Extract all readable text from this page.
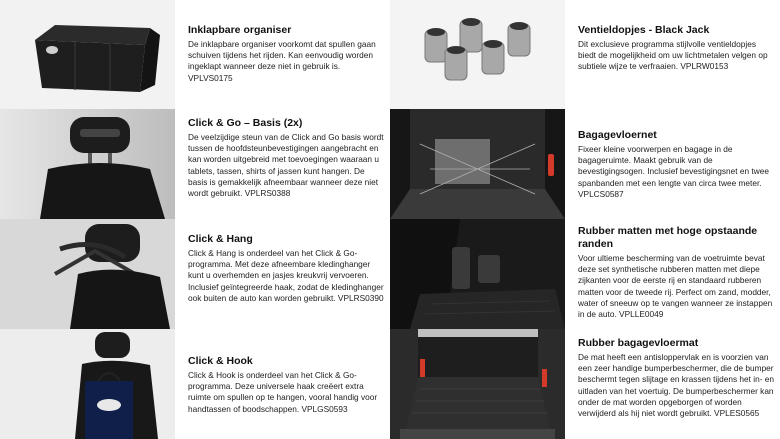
Inklapbare organiser
De inklapbare organiser voorkomt dat spullen gaan schuiven tijdens het rijden. Kan eenvoudig worden ingeklapt wanneer deze niet in gebruik is. VPLVS0175
Click & Go – Basis (2x)
De veelzijdige steun van de Click and Go basis wordt tussen de hoofdsteunbevestigingen aangebracht en kan worden uitgebreid met toevoegingen waaraan u tablets, tassen, shirts of jassen kunt hangen. De basis is gemakkelijk afneembaar wanneer deze niet wordt gebruikt. VPLRS0388
Click & Hang
Click & Hang is onderdeel van het Click & Go-programma. Met deze afneembare kledinghanger kunt u overhemden en jasjes kreukvrij vervoeren. Inclusief geïntegreerde haak, zodat de kledinghanger ook buiten de auto kan worden gebruikt. VPLRS0390
Click & Hook
Click & Hook is onderdeel van het Click & Go-programma. Deze universele haak creëert extra ruimte om spullen op te hangen, vooral handig voor handtassen of boodschappen. VPLGS0593
Ventieldopjes - Black Jack
Dit exclusieve programma stijlvolle ventieldopjes biedt de mogelijkheid om uw lichtmetalen velgen op subtiele wijze te verfraaien. VPLRW0153
Bagagevloernet
Fixeer kleine voorwerpen en bagage in de bagageruimte. Maakt gebruik van de bevestigingsogen. Inclusief bevestigingsnet en twee spanbanden met een lengte van circa twee meter. VPLCS0587
Rubber matten met hoge opstaande randen
Voor ultieme bescherming van de voetruimte bevat deze set synthetische rubberen matten met diepe zijkanten voor de eerste rij en standaard rubberen matten voor de tweede rij. Perfect om zand, modder, water of sneeuw op te vangen wanneer ze instappen in de auto. VPLLE0049
Rubber bagagevloermat
De mat heeft een antisloppervlak en is voorzien van een zeer handige bumperbeschermer, die de bumper beschermt tegen slijtage en krassen tijdens het in- en uitladen van het voertuig. De bumperbeschermer kan onder de mat worden opgeborgen of worden verwijderd als hij niet wordt gebruikt. VPLES0565
